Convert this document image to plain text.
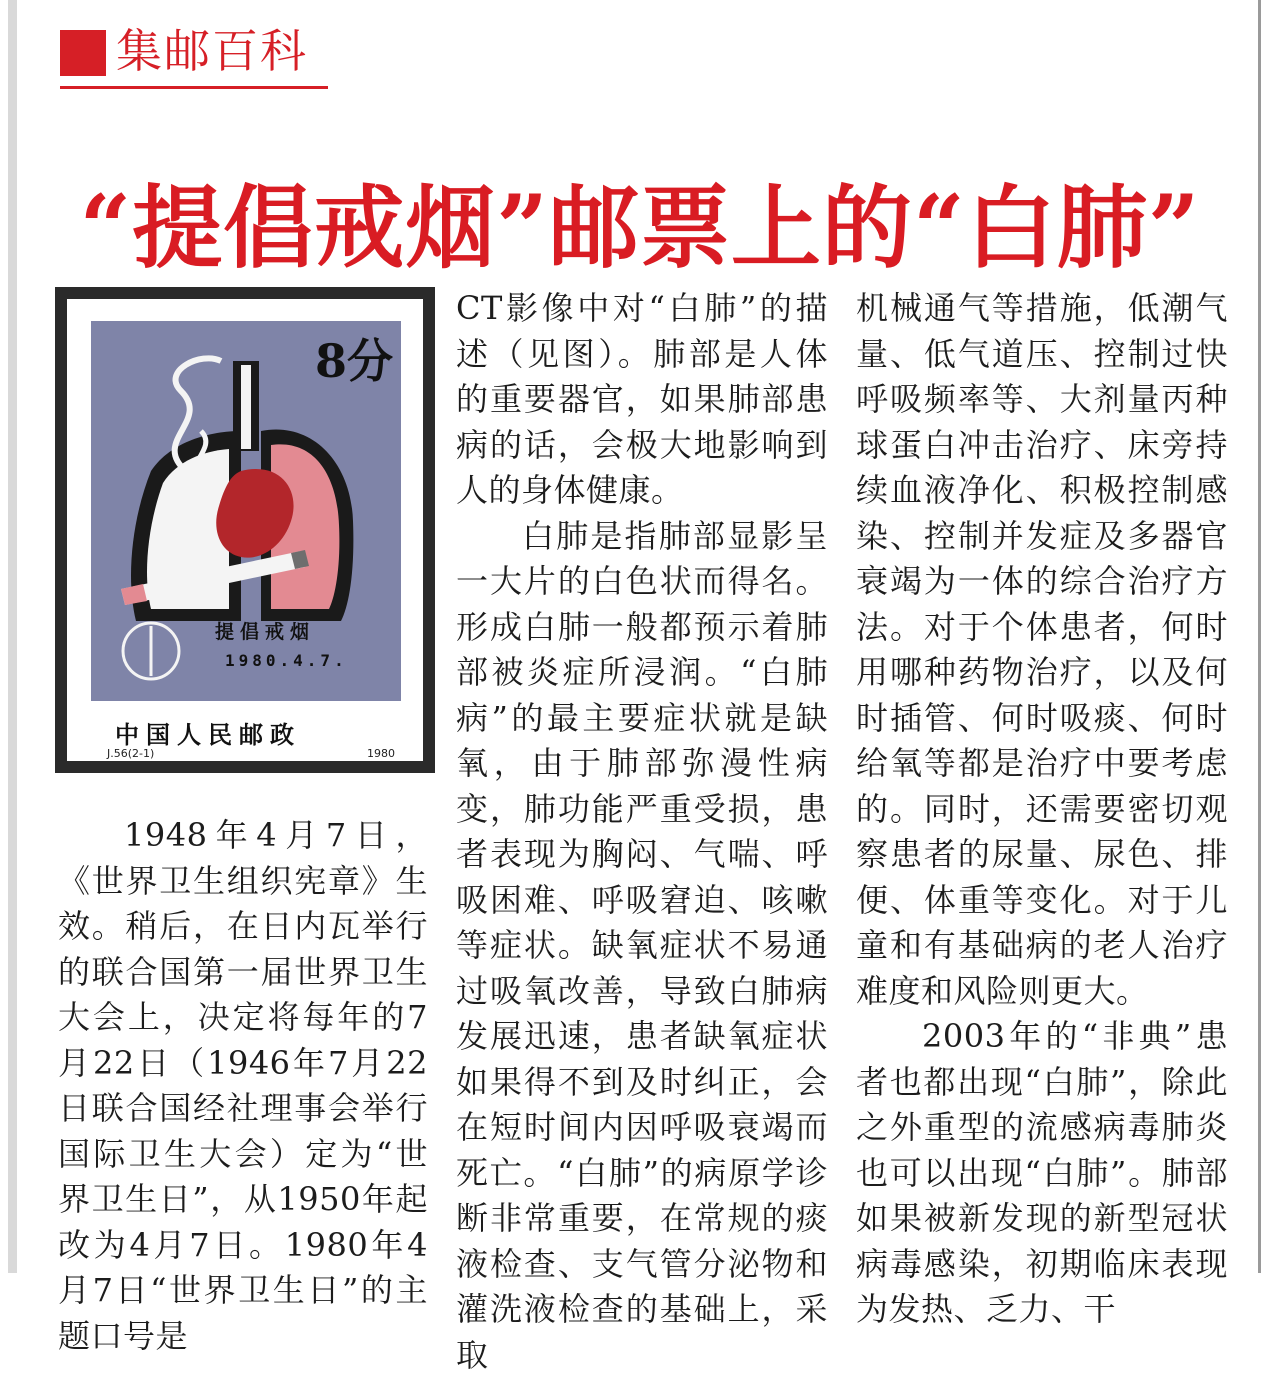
集邮百科
“提倡戒烟”邮票上的“白肺”
8分
提倡戒烟
1980.4.7.
中国人民邮政
J.56(2-1)	1980

1948年4月7日，《世界卫生组织宪章》生效。稍后，在日内瓦举行的联合国第一届世界卫生大会上，决定将每年的7月22日（1946年7月22日联合国经社理事会举行国际卫生大会）定为“世界卫生日”，从1950年起改为4月7日。1980年4月7日“世界卫生日”的主题口号是

CT影像中对“白肺”的描述（见图）。肺部是人体的重要器官，如果肺部患病的话，会极大地影响到人的身体健康。

白肺是指肺部显影呈一大片的白色状而得名。形成白肺一般都预示着肺部被炎症所浸润。“白肺病”的最主要症状就是缺氧，由于肺部弥漫性病变，肺功能严重受损，患者表现为胸闷、气喘、呼吸困难、呼吸窘迫、咳嗽等症状。缺氧症状不易通过吸氧改善，导致白肺病发展迅速，患者缺氧症状如果得不到及时纠正，会在短时间内因呼吸衰竭而死亡。“白肺”的病原学诊断非常重要，在常规的痰液检查、支气管分泌物和灌洗液检查的基础上，采取

机械通气等措施，低潮气量、低气道压、控制过快呼吸频率等、大剂量丙种球蛋白冲击治疗、床旁持续血液净化、积极控制感染、控制并发症及多器官衰竭为一体的综合治疗方法。对于个体患者，何时用哪种药物治疗，以及何时插管、何时吸痰、何时给氧等都是治疗中要考虑的。同时，还需要密切观察患者的尿量、尿色、排便、体重等变化。对于儿童和有基础病的老人治疗难度和风险则更大。

2003年的“非典”患者也都出现“白肺”，除此之外重型的流感病毒肺炎也可以出现“白肺”。肺部如果被新发现的新型冠状病毒感染，初期临床表现为发热、乏力、干
